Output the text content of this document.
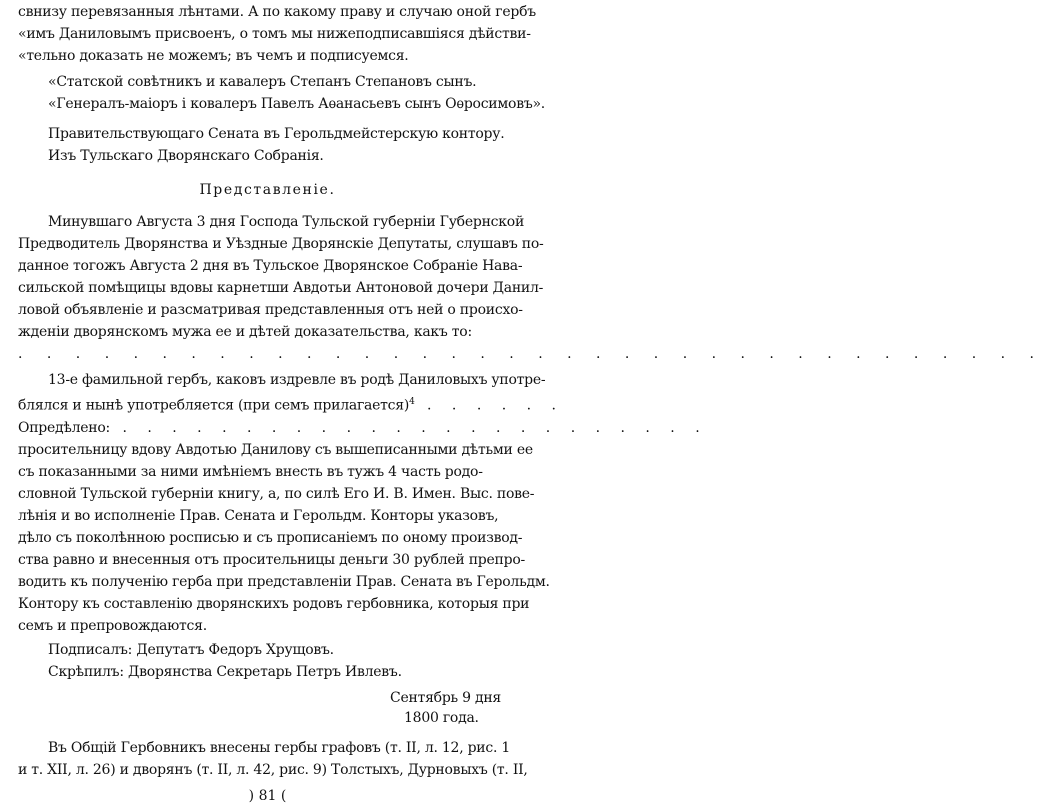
свнизу перевязанныя лѣнтами. А по какому праву и случаю оной гербъ
«имъ Даниловымъ присвоенъ, о томъ мы нижеподписавшіяся дѣйстви-
«тельно доказать не можемъ; въ чемъ и подписуемся.
«Статской совѣтникъ и кавалеръ Степанъ Степановъ сынъ.
«Генералъ-маіоръ і ковалеръ Павелъ Аѳанасьевъ сынъ Оѳросимовъ».
Правительствующаго Сената въ Герольдмейстерскую контору.
Изъ Тульскаго Дворянскаго Собранія.
Представленіе.
Минувшаго Августа 3 дня Господа Тульской губерніи Губернской
Предводитель Дворянства и Уѣздные Дворянскіе Депутаты, слушавъ по-
данное тогожъ Августа 2 дня въ Тульское Дворянское Собраніе Нава-
сильской помѣщицы вдовы карнетши Авдотьи Антоновой дочери Данил-
ловой объявленіе и разсматривая представленныя отъ ней о происхо-
жденіи дворянскомъ мужа ее и дѣтей доказательства, какъ то:
. . . . . . . . . . . . . . . . . . . . . . . . . . . . . . . . . . . .
13-е фамильной гербъ, каковъ издревле въ родѣ Даниловыхъ употре-
блялся и нынѣ употребляется (при семъ прилагается)$^4$ . . . . . .
Опредѣлено: . . . . . . . . . . . . . . . . . . . . . . . .
просительницу вдову Авдотью Данилову съ вышеписанными дѣтьми ее
съ показанными за ними имѣніемъ внесть въ тужъ 4 часть родо-
словной Тульской губерніи книгу, а, по силѣ Его И. В. Имен. Выс. пове-
лѣнія и во исполненіе Прав. Сената и Герольдм. Конторы указовъ,
дѣло съ поколѣнною росписью и съ прописаніемъ по оному производ-
ства равно и внесенныя отъ просительницы деньги 30 рублей препро-
водить къ полученію герба при представленіи Прав. Сената въ Герольдм.
Контору къ составленію дворянскихъ родовъ гербовника, которыя при
семъ и препровождаются.
Подписалъ: Депутатъ Федоръ Хрущовъ.
Скрѣпилъ: Дворянства Секретарь Петръ Ивлевъ.
Сентябрь 9 дня
1800 года.
Въ Общій Гербовникъ внесены гербы графовъ (т. II, л. 12, рис. 1
и т. XII, л. 26) и дворянъ (т. II, л. 42, рис. 9) Толстыхъ, Дурновыхъ (т. II,
) 81 (
